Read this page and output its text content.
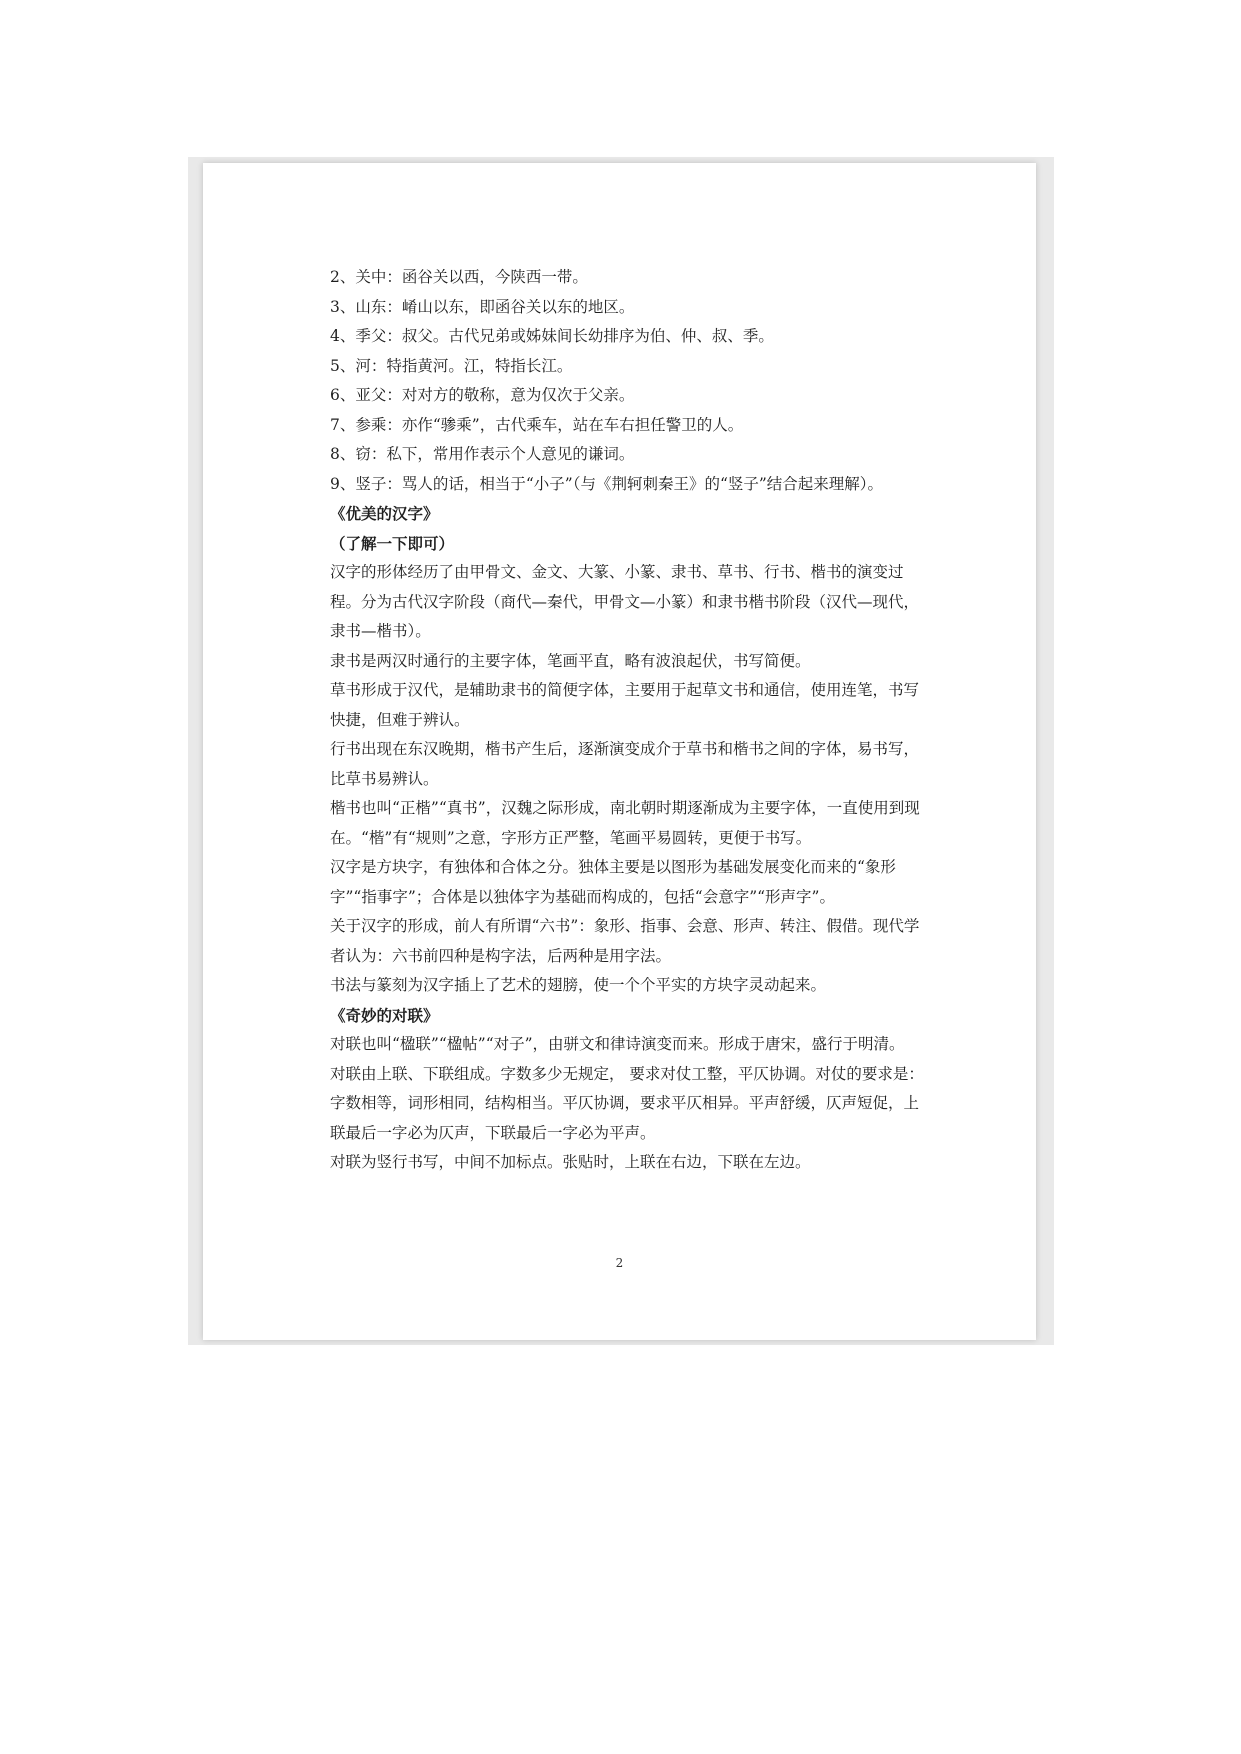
2、关中：函谷关以西，今陕西一带。

3、山东：崤山以东，即函谷关以东的地区。

4、季父：叔父。古代兄弟或姊妹间长幼排序为伯、仲、叔、季。

5、河：特指黄河。江，特指长江。

6、亚父：对对方的敬称，意为仅次于父亲。

7、参乘：亦作“骖乘”，古代乘车，站在车右担任警卫的人。

8、窃：私下，常用作表示个人意见的谦词。

9、竖子：骂人的话，相当于“小子”（与《荆轲刺秦王》的“竖子”结合起来理解）。

《优美的汉字》

（了解一下即可）

汉字的形体经历了由甲骨文、金文、大篆、小篆、隶书、草书、行书、楷书的演变过程。分为古代汉字阶段（商代—秦代，甲骨文—小篆）和隶书楷书阶段（汉代—现代，隶书—楷书）。

隶书是两汉时通行的主要字体，笔画平直，略有波浪起伏，书写简便。

草书形成于汉代，是辅助隶书的简便字体，主要用于起草文书和通信，使用连笔，书写快捷，但难于辨认。

行书出现在东汉晚期，楷书产生后，逐渐演变成介于草书和楷书之间的字体，易书写，比草书易辨认。

楷书也叫“正楷”“真书”，汉魏之际形成，南北朝时期逐渐成为主要字体，一直使用到现在。“楷”有“规则”之意，字形方正严整，笔画平易圆转，更便于书写。

汉字是方块字，有独体和合体之分。独体主要是以图形为基础发展变化而来的“象形字”“指事字”；合体是以独体字为基础而构成的，包括“会意字”“形声字”。

关于汉字的形成，前人有所谓“六书”：象形、指事、会意、形声、转注、假借。现代学者认为：六书前四种是构字法，后两种是用字法。

书法与篆刻为汉字插上了艺术的翅膀，使一个个平实的方块字灵动起来。

《奇妙的对联》

对联也叫“楹联”“楹帖”“对子”，由骈文和律诗演变而来。形成于唐宋，盛行于明清。

对联由上联、下联组成。字数多少无规定， 要求对仗工整，平仄协调。对仗的要求是：字数相等，词形相同，结构相当。平仄协调，要求平仄相异。平声舒缓，仄声短促，上联最后一字必为仄声，下联最后一字必为平声。

对联为竖行书写，中间不加标点。张贴时，上联在右边，下联在左边。

2
